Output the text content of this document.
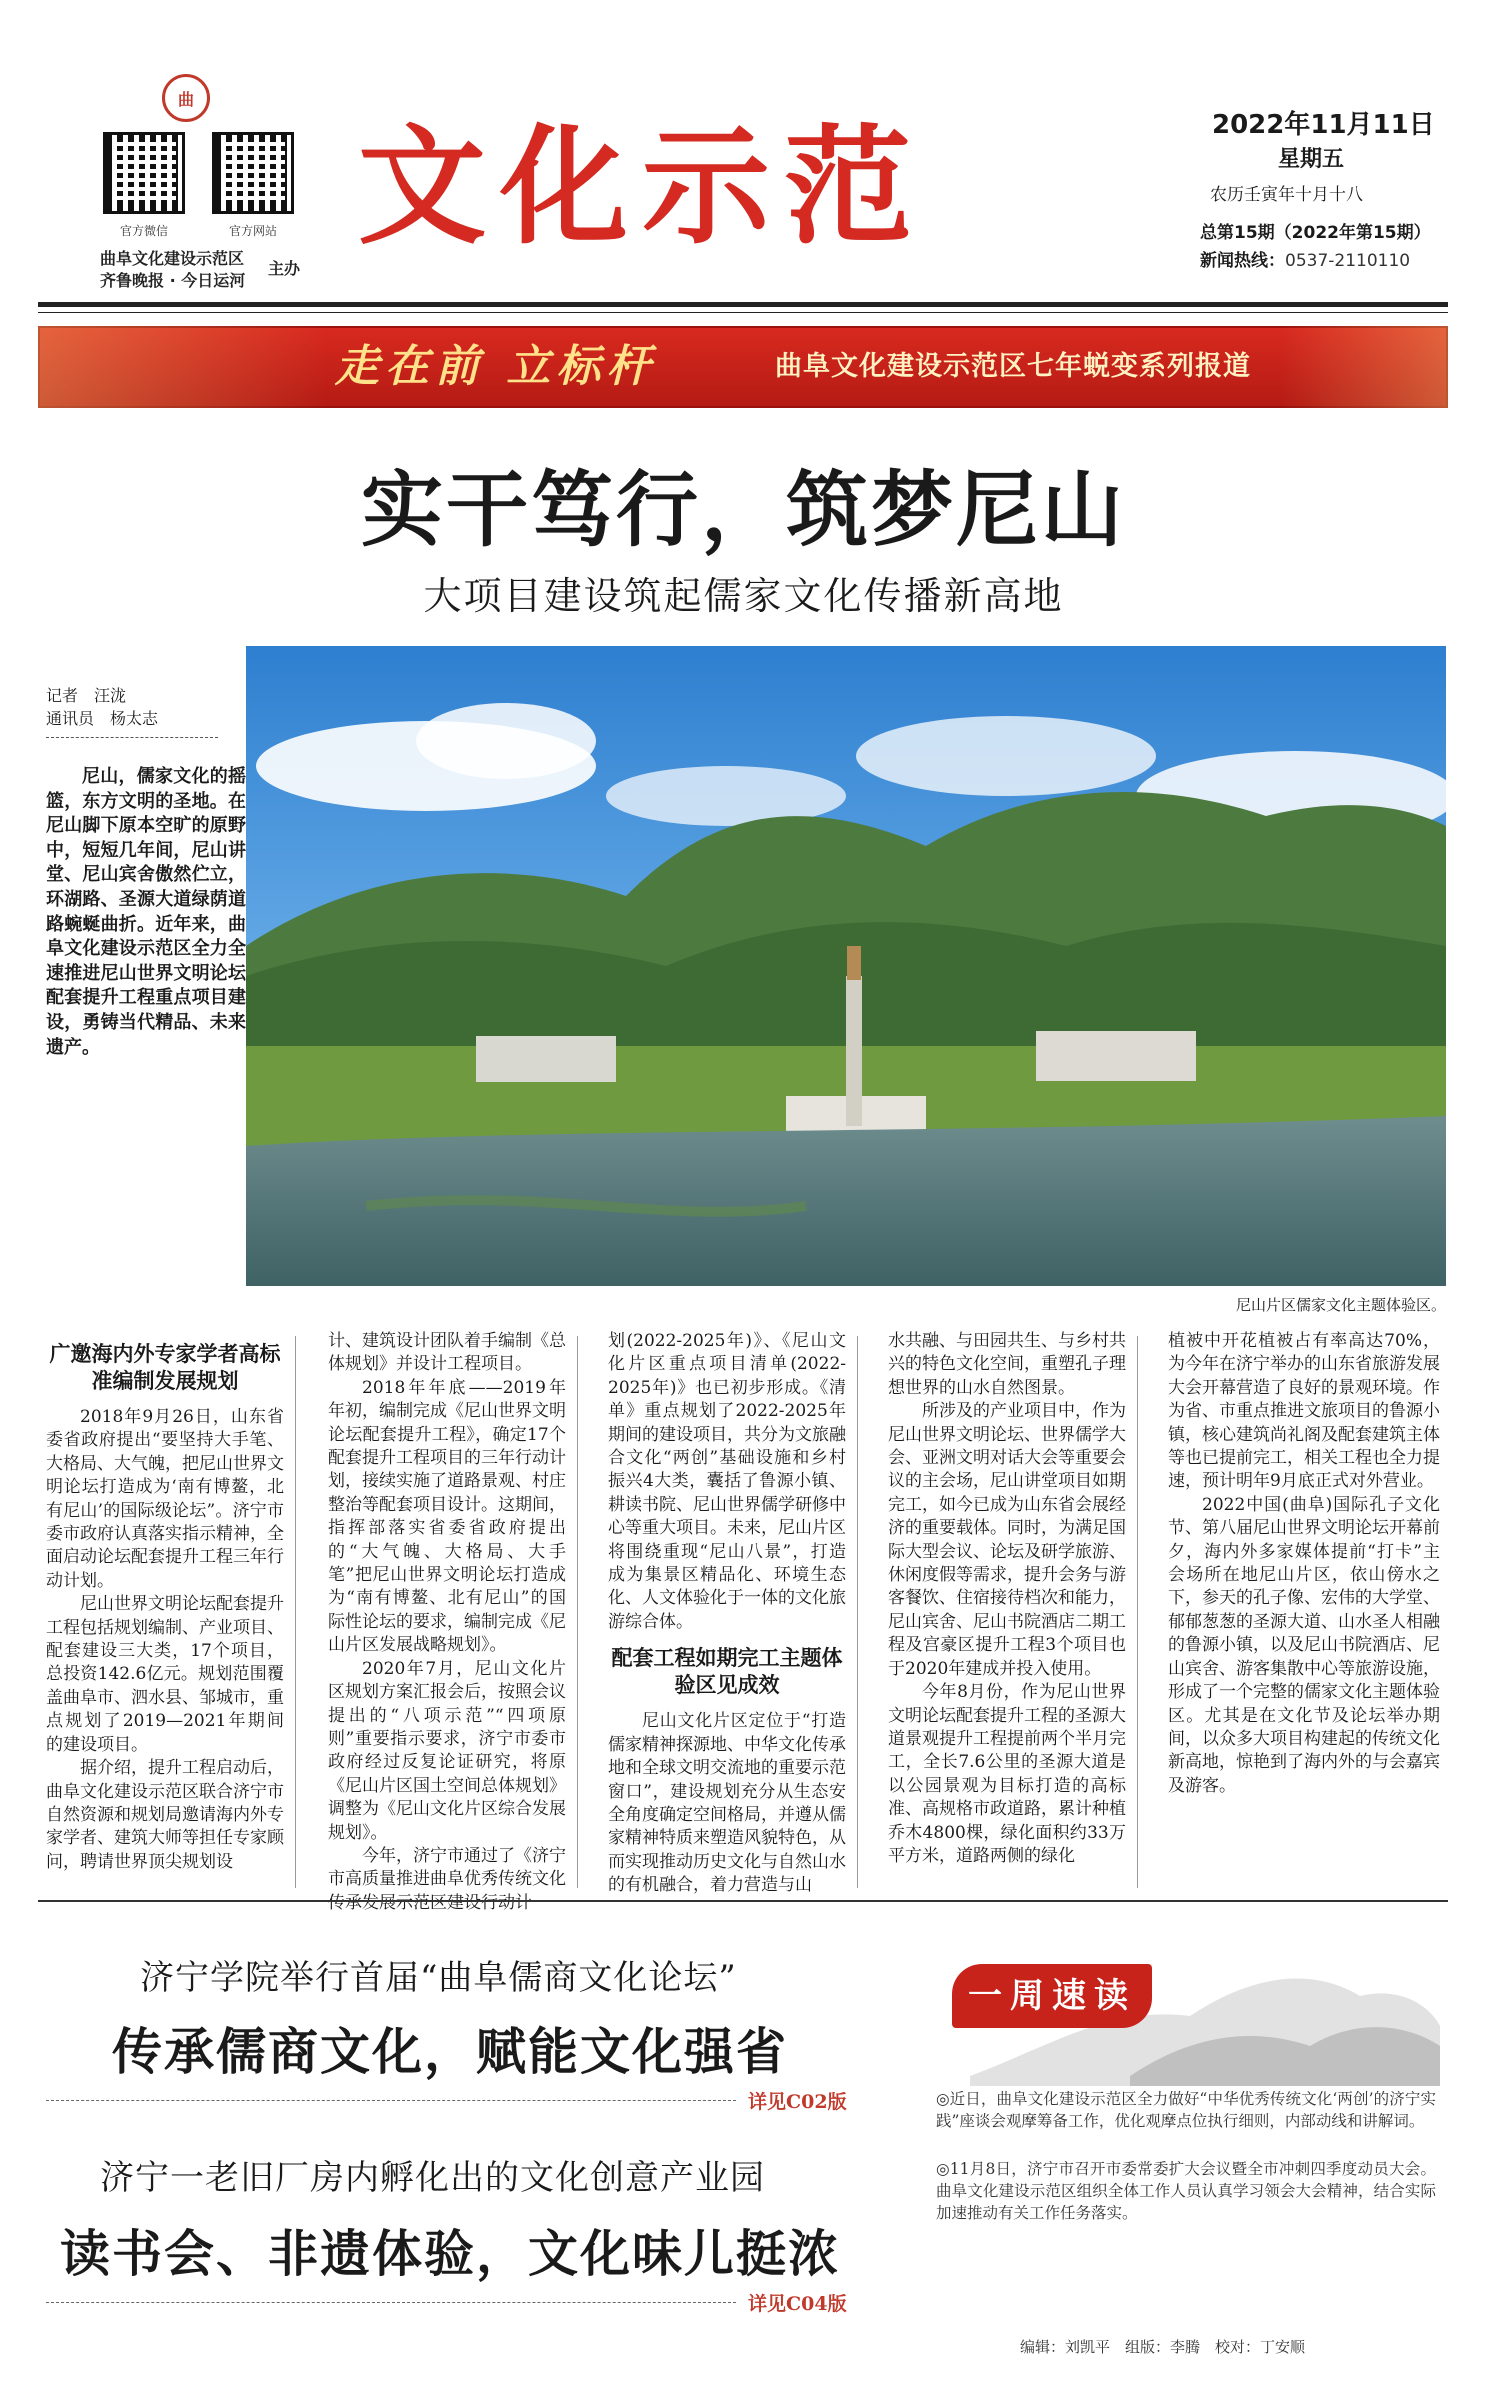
曲
官方微信	官方网站
曲阜文化建设示范区
齐鲁晚报 · 今日运河
主办
文化示范	2022年11月11日
星期五
农历壬寅年十月十八
总第15期（2022年第15期）
新闻热线：0537-2110110
走在前 立标杆	曲阜文化建设示范区七年蜕变系列报道
实干笃行，筑梦尼山
大项目建设筑起儒家文化传播新高地
记者　汪泷
通讯员　杨太志
尼山，儒家文化的摇篮，东方文明的圣地。在尼山脚下原本空旷的原野中，短短几年间，尼山讲堂、尼山宾舍傲然伫立，环湖路、圣源大道绿荫道路蜿蜒曲折。近年来，曲阜文化建设示范区全力全速推进尼山世界文明论坛配套提升工程重点项目建设，勇铸当代精品、未来遗产。
尼山片区儒家文化主题体验区。

广邀海内外专家学者高标准编制发展规划

2018年9月26日，山东省委省政府提出“要坚持大手笔、大格局、大气魄，把尼山世界文明论坛打造成为‘南有博鳌，北有尼山’的国际级论坛”。济宁市委市政府认真落实指示精神，全面启动论坛配套提升工程三年行动计划。

尼山世界文明论坛配套提升工程包括规划编制、产业项目、配套建设三大类，17个项目，总投资142.6亿元。规划范围覆盖曲阜市、泗水县、邹城市，重点规划了2019—2021年期间的建设项目。

据介绍，提升工程启动后，曲阜文化建设示范区联合济宁市自然资源和规划局邀请海内外专家学者、建筑大师等担任专家顾问，聘请世界顶尖规划设

计、建筑设计团队着手编制《总体规划》并设计工程项目。

2018年年底——2019年年初，编制完成《尼山世界文明论坛配套提升工程》，确定17个配套提升工程项目的三年行动计划，接续实施了道路景观、村庄整治等配套项目设计。这期间，指挥部落实省委省政府提出的“大气魄、大格局、大手笔”把尼山世界文明论坛打造成为“南有博鳌、北有尼山”的国际性论坛的要求，编制完成《尼山片区发展战略规划》。

2020年7月，尼山文化片区规划方案汇报会后，按照会议提出的“八项示范”“四项原则”重要指示要求，济宁市委市政府经过反复论证研究，将原《尼山片区国土空间总体规划》调整为《尼山文化片区综合发展规划》。

今年，济宁市通过了《济宁市高质量推进曲阜优秀传统文化传承发展示范区建设行动计

划(2022-2025年)》、《尼山文化片区重点项目清单(2022-2025年)》也已初步形成。《清单》重点规划了2022-2025年期间的建设项目，共分为文旅融合文化“两创”基础设施和乡村振兴4大类，囊括了鲁源小镇、耕读书院、尼山世界儒学研修中心等重大项目。未来，尼山片区将围绕重现“尼山八景”，打造成为集景区精品化、环境生态化、人文体验化于一体的文化旅游综合体。

配套工程如期完工主题体验区见成效

尼山文化片区定位于“打造儒家精神探源地、中华文化传承地和全球文明交流地的重要示范窗口”，建设规划充分从生态安全角度确定空间格局，并遵从儒家精神特质来塑造风貌特色，从而实现推动历史文化与自然山水的有机融合，着力营造与山

水共融、与田园共生、与乡村共兴的特色文化空间，重塑孔子理想世界的山水自然图景。

所涉及的产业项目中，作为尼山世界文明论坛、世界儒学大会、亚洲文明对话大会等重要会议的主会场，尼山讲堂项目如期完工，如今已成为山东省会展经济的重要载体。同时，为满足国际大型会议、论坛及研学旅游、休闲度假等需求，提升会务与游客餐饮、住宿接待档次和能力，尼山宾舍、尼山书院酒店二期工程及宫豪区提升工程3个项目也于2020年建成并投入使用。

今年8月份，作为尼山世界文明论坛配套提升工程的圣源大道景观提升工程提前两个半月完工，全长7.6公里的圣源大道是以公园景观为目标打造的高标准、高规格市政道路，累计种植乔木4800棵，绿化面积约33万平方米，道路两侧的绿化

植被中开花植被占有率高达70%，为今年在济宁举办的山东省旅游发展大会开幕营造了良好的景观环境。作为省、市重点推进文旅项目的鲁源小镇，核心建筑尚礼阁及配套建筑主体等也已提前完工，相关工程也全力提速，预计明年9月底正式对外营业。

2022中国(曲阜)国际孔子文化节、第八届尼山世界文明论坛开幕前夕，海内外多家媒体提前“打卡”主会场所在地尼山片区，依山傍水之下，参天的孔子像、宏伟的大学堂、郁郁葱葱的圣源大道、山水圣人相融的鲁源小镇，以及尼山书院酒店、尼山宾舍、游客集散中心等旅游设施，形成了一个完整的儒家文化主题体验区。尤其是在文化节及论坛举办期间，以众多大项目构建起的传统文化新高地，惊艳到了海内外的与会嘉宾及游客。

济宁学院举行首届“曲阜儒商文化论坛”
传承儒商文化，赋能文化强省
详见C02版
济宁一老旧厂房内孵化出的文化创意产业园
读书会、非遗体验，文化味儿挺浓
详见C04版
一周速读
◎近日，曲阜文化建设示范区全力做好“中华优秀传统文化‘两创’的济宁实践”座谈会观摩筹备工作，优化观摩点位执行细则，内部动线和讲解词。
◎11月8日，济宁市召开市委常委扩大会议暨全市冲刺四季度动员大会。曲阜文化建设示范区组织全体工作人员认真学习领会大会精神，结合实际加速推动有关工作任务落实。
编辑：刘凯平　组版：李腾　校对：丁安顺
